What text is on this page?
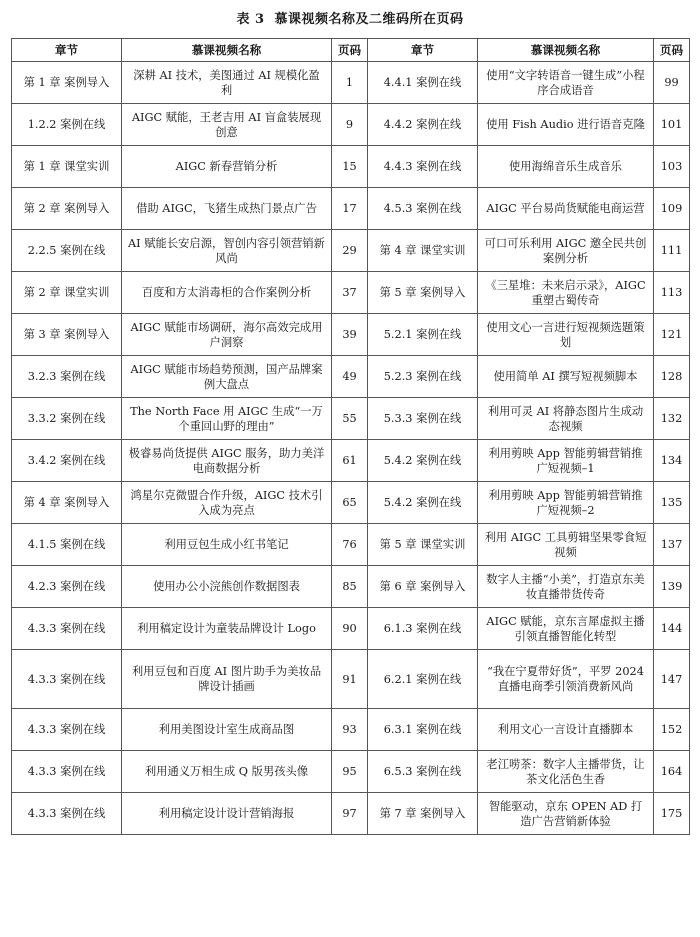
表 3 慕课视频名称及二维码所在页码
章节	慕课视频名称	页码	章节	慕课视频名称	页码
第 1 章 案例导入	深耕 AI 技术，美图通过 AI 规模化盈利	1	4.4.1 案例在线	使用“文字转语音一键生成”小程序合成语音	99
1.2.2 案例在线	AIGC 赋能，王老吉用 AI 盲盒装展现创意	9	4.4.2 案例在线	使用 Fish Audio 进行语音克隆	101
第 1 章 课堂实训	AIGC 新春营销分析	15	4.4.3 案例在线	使用海绵音乐生成音乐	103
第 2 章 案例导入	借助 AIGC，飞猪生成热门景点广告	17	4.5.3 案例在线	AIGC 平台易尚货赋能电商运营	109
2.2.5 案例在线	AI 赋能长安启源，智创内容引领营销新风尚	29	第 4 章 课堂实训	可口可乐利用 AIGC 邀全民共创案例分析	111
第 2 章 课堂实训	百度和方太消毒柜的合作案例分析	37	第 5 章 案例导入	《三星堆：未来启示录》，AIGC 重塑古蜀传奇	113
第 3 章 案例导入	AIGC 赋能市场调研，海尔高效完成用户洞察	39	5.2.1 案例在线	使用文心一言进行短视频选题策划	121
3.2.3 案例在线	AIGC 赋能市场趋势预测，国产品牌案例大盘点	49	5.2.3 案例在线	使用简单 AI 撰写短视频脚本	128
3.3.2 案例在线	The North Face 用 AIGC 生成“一万个重回山野的理由”	55	5.3.3 案例在线	利用可灵 AI 将静态图片生成动态视频	132
3.4.2 案例在线	极睿易尚货提供 AIGC 服务，助力美洋电商数据分析	61	5.4.2 案例在线	利用剪映 App 智能剪辑营销推广短视频–1	134
第 4 章 案例导入	鸿星尔克微盟合作升级，AIGC 技术引入成为亮点	65	5.4.2 案例在线	利用剪映 App 智能剪辑营销推广短视频–2	135
4.1.5 案例在线	利用豆包生成小红书笔记	76	第 5 章 课堂实训	利用 AIGC 工具剪辑坚果零食短视频	137
4.2.3 案例在线	使用办公小浣熊创作数据图表	85	第 6 章 案例导入	数字人主播“小美”，打造京东美妆直播带货传奇	139
4.3.3 案例在线	利用稿定设计为童装品牌设计 Logo	90	6.1.3 案例在线	AIGC 赋能，京东言犀虚拟主播引领直播智能化转型	144
4.3.3 案例在线	利用豆包和百度 AI 图片助手为美妆品牌设计插画	91	6.2.1 案例在线	“我在宁夏带好货”，平罗 2024 直播电商季引领消费新风尚	147
4.3.3 案例在线	利用美图设计室生成商品图	93	6.3.1 案例在线	利用文心一言设计直播脚本	152
4.3.3 案例在线	利用通义万相生成 Q 版男孩头像	95	6.5.3 案例在线	老江唠茶：数字人主播带货，让茶文化活色生香	164
4.3.3 案例在线	利用稿定设计设计营销海报	97	第 7 章 案例导入	智能驱动，京东 OPEN AD 打造广告营销新体验	175
